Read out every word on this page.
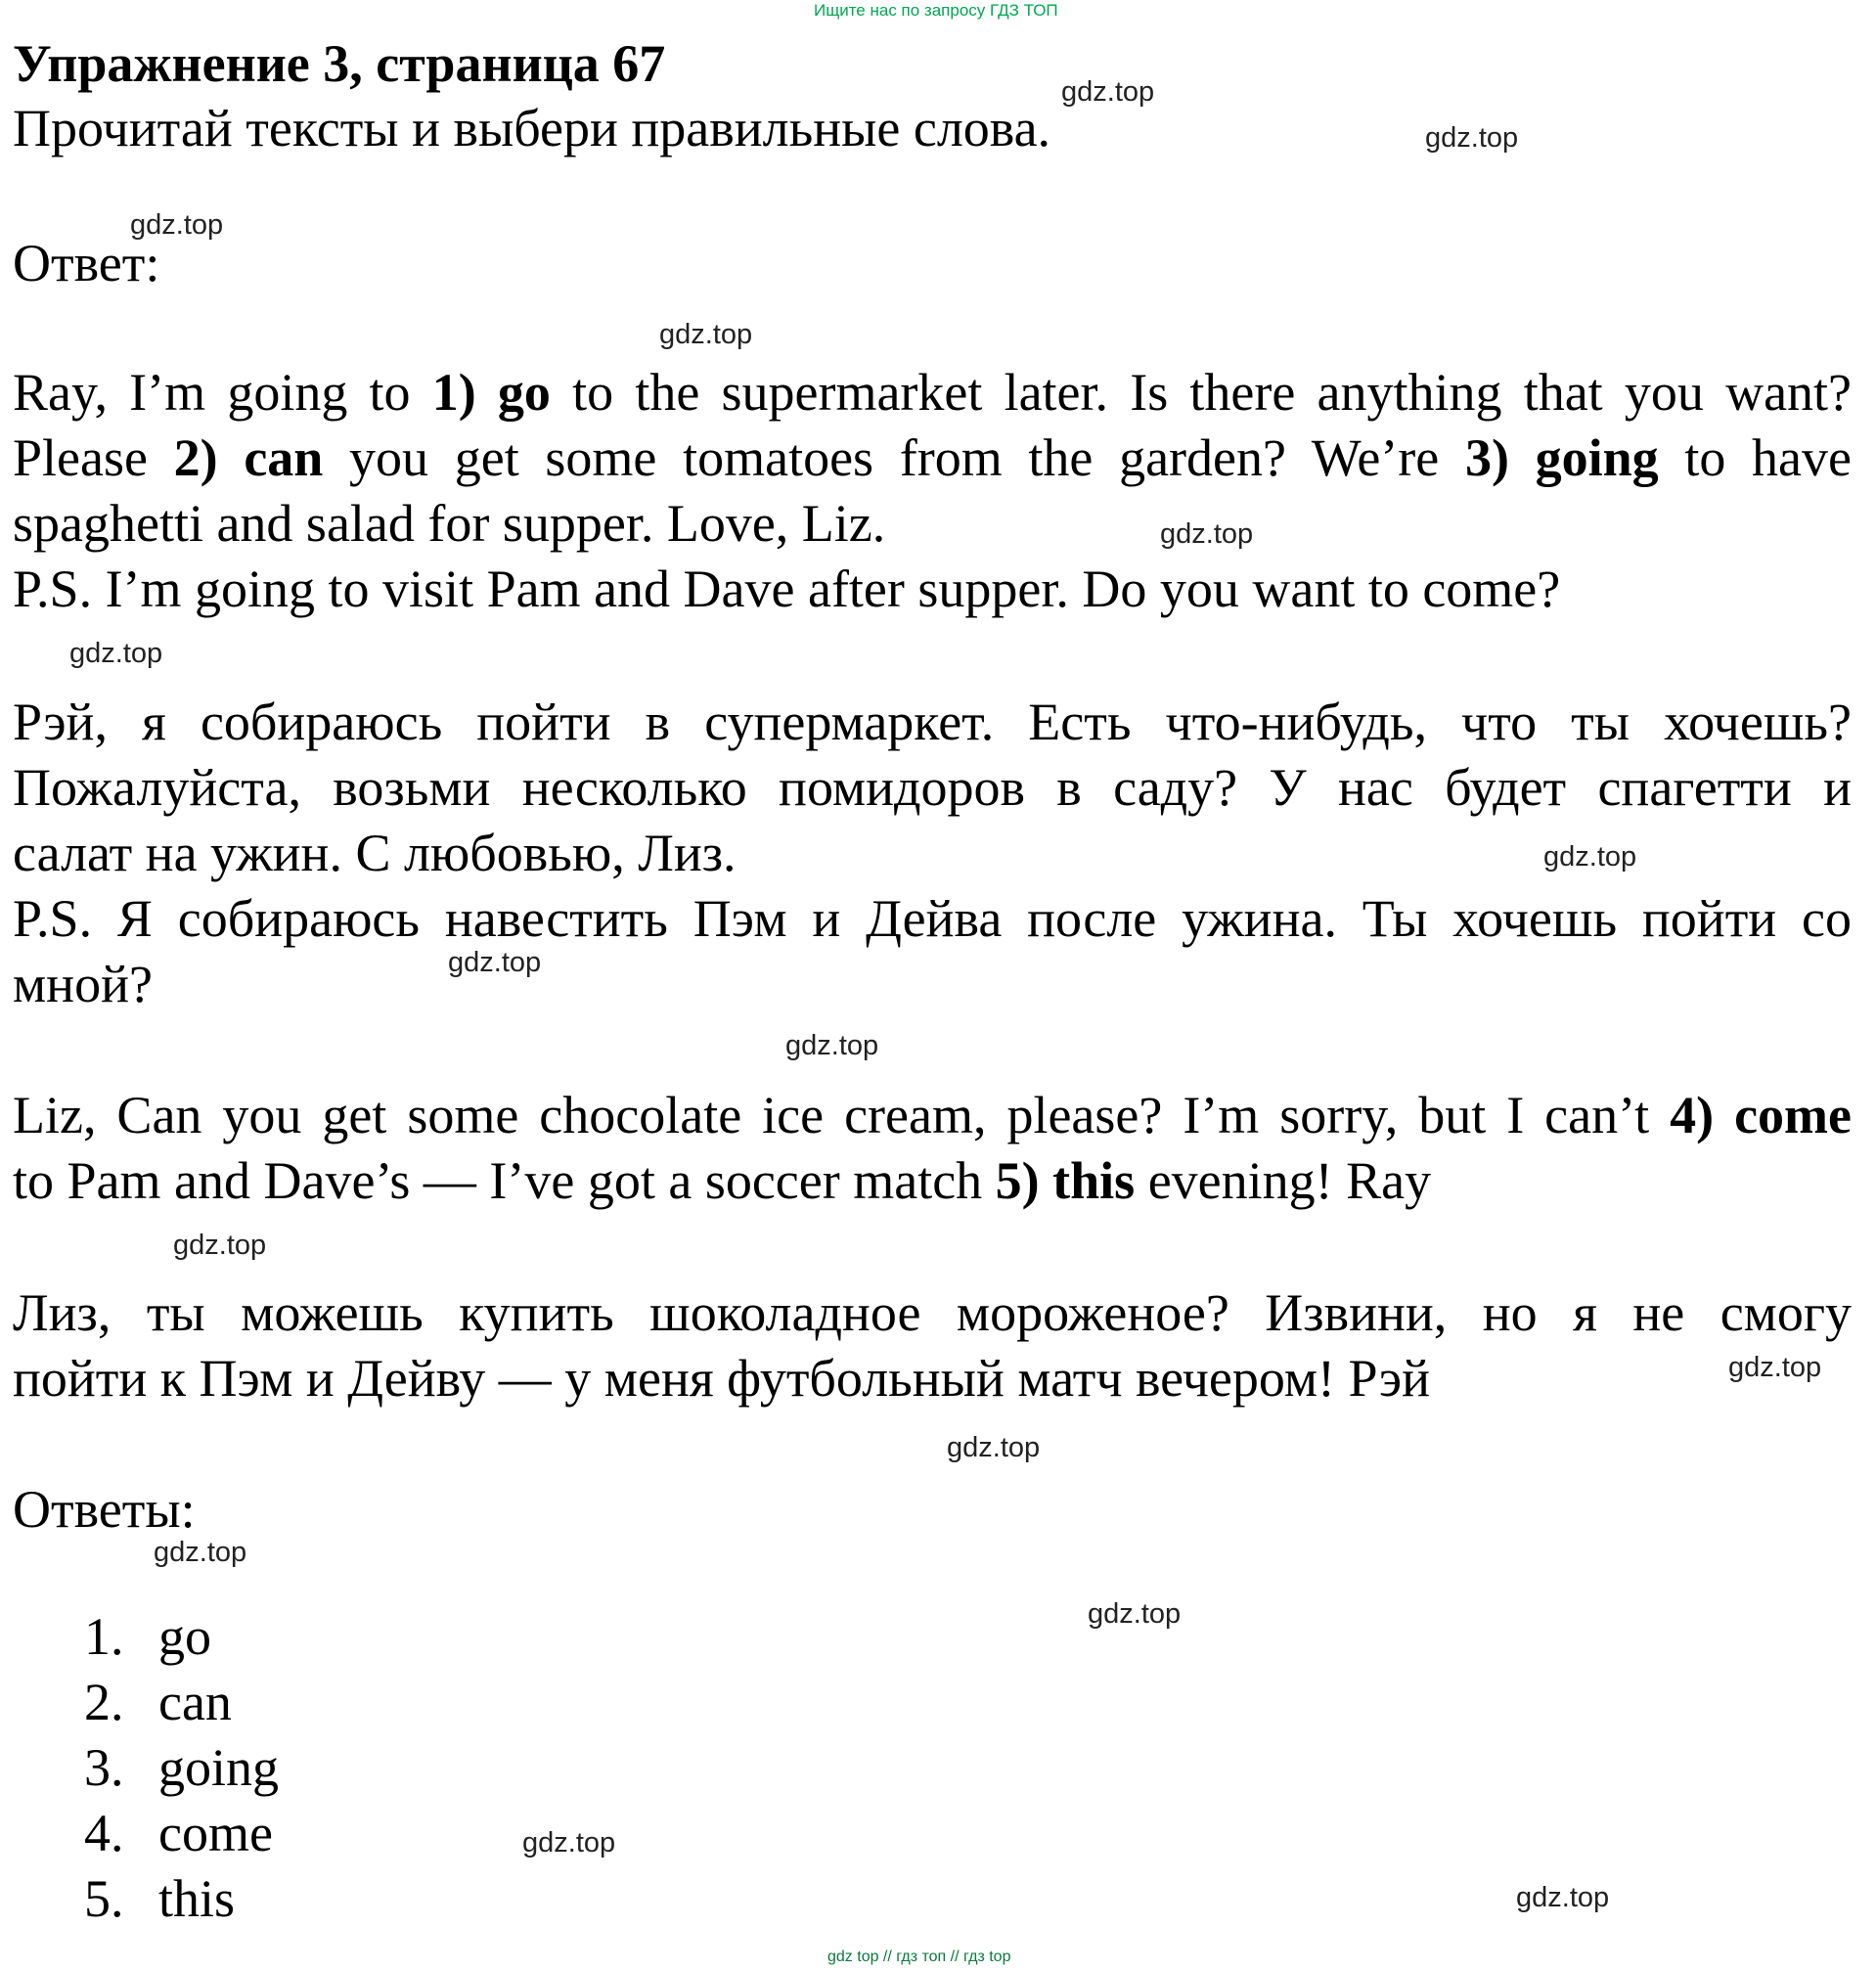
Ищите нас по запросу ГДЗ ТОП
Упражнение 3, страница 67
Прочитай тексты и выбери правильные слова.
Ответ:
Ray, I’m going to 1) go to the supermarket later. Is there anything that you want?
Please 2) can you get some tomatoes from the garden? We’re 3) going to have
spaghetti and salad for supper. Love, Liz.
P.S. I’m going to visit Pam and Dave after supper. Do you want to come?
Рэй, я собираюсь пойти в супермаркет. Есть что-нибудь, что ты хочешь?
Пожалуйста, возьми несколько помидоров в саду? У нас будет спагетти и
салат на ужин. С любовью, Лиз.
P.S. Я собираюсь навестить Пэм и Дейва после ужина. Ты хочешь пойти со
мной?
Liz, Can you get some chocolate ice cream, please? I’m sorry, but I can’t 4) come
to Pam and Dave’s — I’ve got a soccer match 5) this evening! Ray
Лиз, ты можешь купить шоколадное мороженое? Извини, но я не смогу
пойти к Пэм и Дейву — у меня футбольный матч вечером! Рэй
Ответы:
1. go
2. can
3. going
4. come
5. this
gdz.top
gdz.top
gdz.top
gdz.top
gdz.top
gdz.top
gdz.top
gdz.top
gdz.top
gdz.top
gdz.top
gdz.top
gdz.top
gdz.top
gdz.top
gdz.top
gdz top // гдз топ // гдз top
